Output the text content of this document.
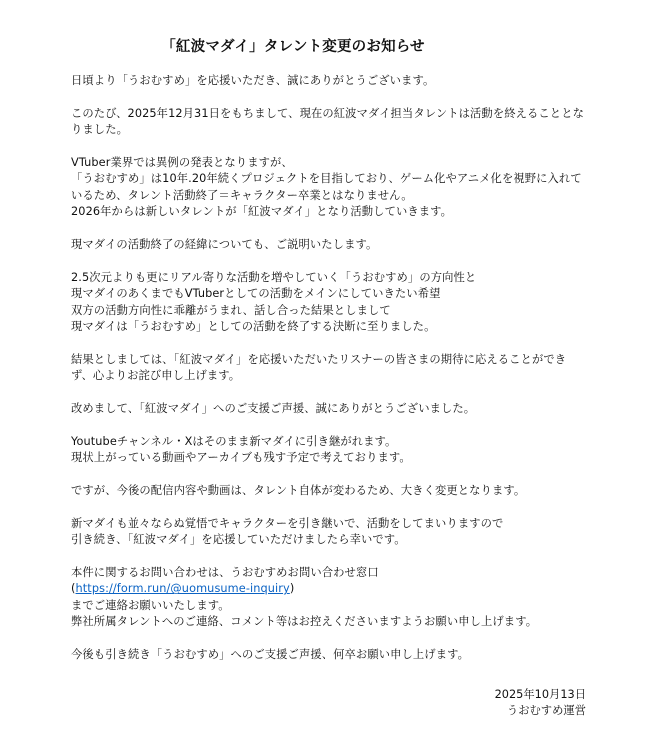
「紅波マダイ」タレント変更のお知らせ
日頃より「うおむすめ」を応援いただき、誠にありがとうございます。
このたび、2025年12月31日をもちまして、現在の紅波マダイ担当タレントは活動を終えることとな
りました。
VTuber業界では異例の発表となりますが、
「うおむすめ」は10年.20年続くプロジェクトを目指しており、ゲーム化やアニメ化を視野に入れて
いるため、タレント活動終了＝キャラクター卒業とはなりません。
2026年からは新しいタレントが「紅波マダイ」となり活動していきます。
現マダイの活動終了の経緯についても、ご説明いたします。
2.5次元よりも更にリアル寄りな活動を増やしていく「うおむすめ」の方向性と
現マダイのあくまでもVTuberとしての活動をメインにしていきたい希望
双方の活動方向性に乖離がうまれ、話し合った結果としまして
現マダイは「うおむすめ」としての活動を終了する決断に至りました。
結果としましては、「紅波マダイ」を応援いただいたリスナーの皆さまの期待に応えることができ
ず、心よりお詫び申し上げます。
改めまして、「紅波マダイ」へのご支援ご声援、誠にありがとうございました。
Youtubeチャンネル・Xはそのまま新マダイに引き継がれます。
現状上がっている動画やアーカイブも残す予定で考えております。
ですが、今後の配信内容や動画は、タレント自体が変わるため、大きく変更となります。
新マダイも並々ならぬ覚悟でキャラクターを引き継いで、活動をしてまいりますので
引き続き、「紅波マダイ」を応援していただけましたら幸いです。
本件に関するお問い合わせは、うおむすめお問い合わせ窓口
(https://form.run/@uomusume-inquiry)
までご連絡お願いいたします。
弊社所属タレントへのご連絡、コメント等はお控えくださいますようお願い申し上げます。
今後も引き続き「うおむすめ」へのご支援ご声援、何卒お願い申し上げます。
2025年10月13日
うおむすめ運営
